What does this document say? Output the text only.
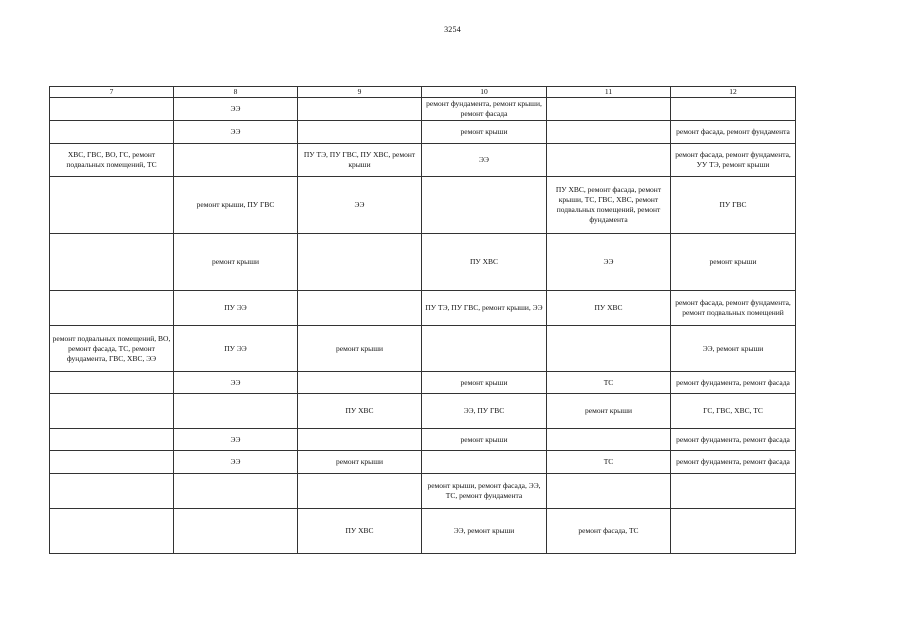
3254
7	8	9	10	11	12
	ЭЭ		ремонт фундамента, ремонт крыши, ремонт фасада		
	ЭЭ		ремонт крыши		ремонт фасада, ремонт фундамента
ХВС, ГВС, ВО, ГС, ремонт подвальных помещений, ТС		ПУ ТЭ, ПУ ГВС, ПУ ХВС, ремонт крыши	ЭЭ		ремонт фасада, ремонт фундамента, УУ ТЭ, ремонт крыши
	ремонт крыши, ПУ ГВС	ЭЭ		ПУ ХВС, ремонт фасада, ремонт крыши, ТС, ГВС, ХВС, ремонт подвальных помещений, ремонт фундамента	ПУ ГВС
	ремонт крыши		ПУ ХВС	ЭЭ	ремонт крыши
	ПУ ЭЭ		ПУ ТЭ, ПУ ГВС, ремонт крыши, ЭЭ	ПУ ХВС	ремонт фасада, ремонт фундамента, ремонт подвальных помещений
ремонт подвальных помещений, ВО, ремонт фасада, ТС, ремонт фундамента, ГВС, ХВС, ЭЭ	ПУ ЭЭ	ремонт крыши			ЭЭ, ремонт крыши
	ЭЭ		ремонт крыши	ТС	ремонт фундамента, ремонт фасада
		ПУ ХВС	ЭЭ, ПУ ГВС	ремонт крыши	ГС, ГВС, ХВС, ТС
	ЭЭ		ремонт крыши		ремонт фундамента, ремонт фасада
	ЭЭ	ремонт крыши		ТС	ремонт фундамента, ремонт фасада
			ремонт крыши, ремонт фасада, ЭЭ, ТС, ремонт фундамента		
		ПУ ХВС	ЭЭ, ремонт крыши	ремонт фасада, ТС	
